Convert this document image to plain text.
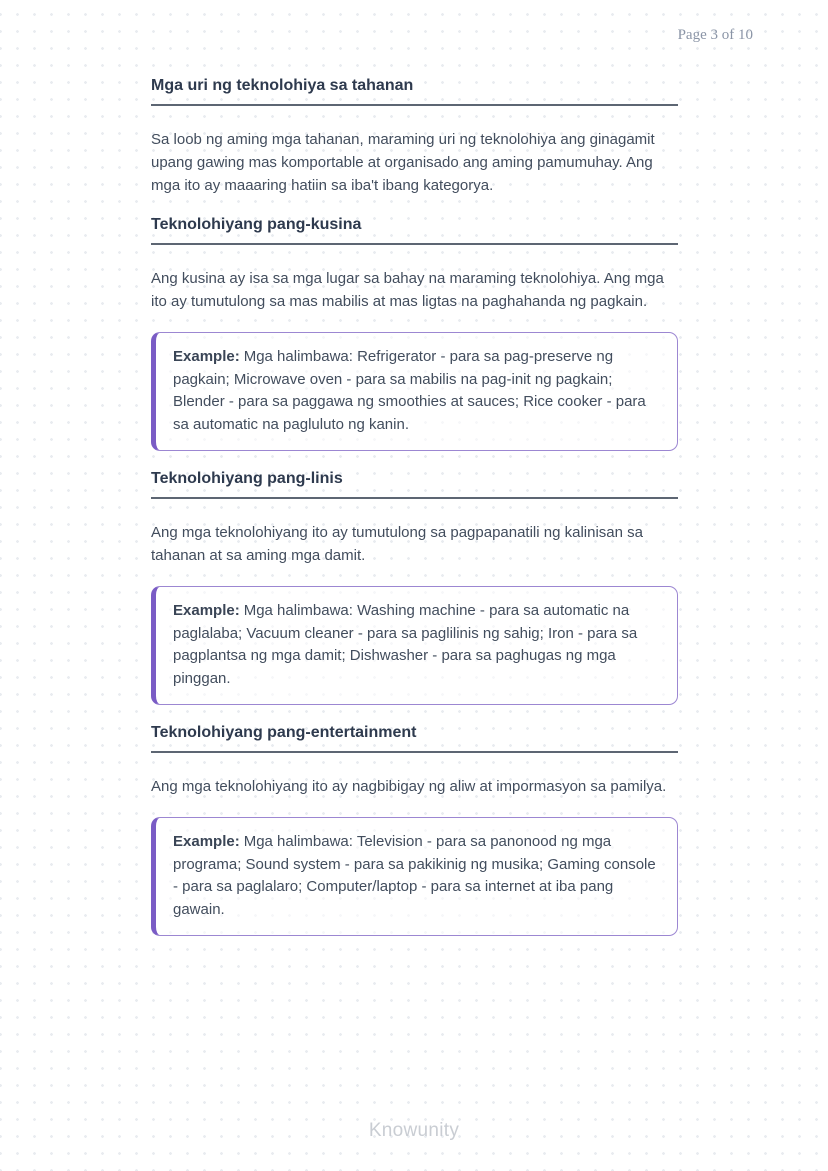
Page 3 of 10
Mga uri ng teknolohiya sa tahanan

Sa loob ng aming mga tahanan, maraming uri ng teknolohiya ang ginagamit upang gawing mas komportable at organisado ang aming pamumuhay. Ang mga ito ay maaaring hatiin sa iba't ibang kategorya.

Teknolohiyang pang-kusina

Ang kusina ay isa sa mga lugar sa bahay na maraming teknolohiya. Ang mga ito ay tumutulong sa mas mabilis at mas ligtas na paghahanda ng pagkain.

Example: Mga halimbawa: Refrigerator - para sa pag-preserve ng pagkain; Microwave oven - para sa mabilis na pag-init ng pagkain; Blender - para sa paggawa ng smoothies at sauces; Rice cooker - para sa automatic na pagluluto ng kanin.
Teknolohiyang pang-linis

Ang mga teknolohiyang ito ay tumutulong sa pagpapanatili ng kalinisan sa tahanan at sa aming mga damit.

Example: Mga halimbawa: Washing machine - para sa automatic na paglalaba; Vacuum cleaner - para sa paglilinis ng sahig; Iron - para sa pagplantsa ng mga damit; Dishwasher - para sa paghugas ng mga pinggan.
Teknolohiyang pang-entertainment

Ang mga teknolohiyang ito ay nagbibigay ng aliw at impormasyon sa pamilya.

Example: Mga halimbawa: Television - para sa panonood ng mga programa; Sound system - para sa pakikinig ng musika; Gaming console - para sa paglalaro; Computer/laptop - para sa internet at iba pang gawain.
Knowunity
